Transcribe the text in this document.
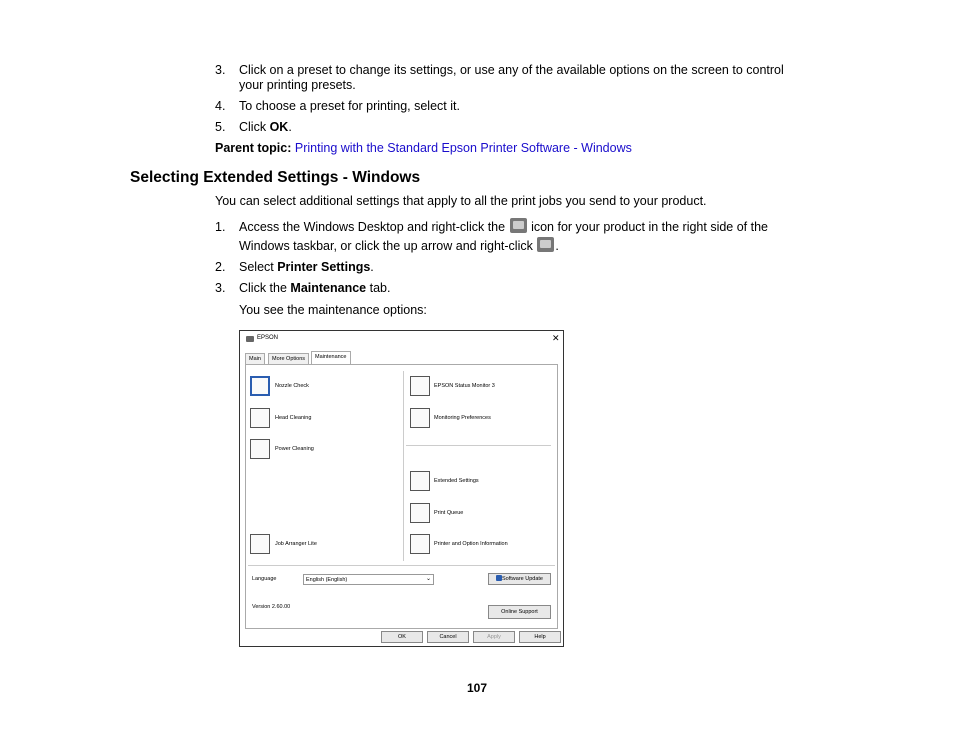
3. Click on a preset to change its settings, or use any of the available options on the screen to control
your printing presets.
4. To choose a preset for printing, select it.
5. Click OK.
Parent topic: Printing with the Standard Epson Printer Software - Windows
Selecting Extended Settings - Windows
You can select additional settings that apply to all the print jobs you send to your product.
1. Access the Windows Desktop and right-click the icon for your product in the right side of the
Windows taskbar, or click the up arrow and right-click .
2. Select Printer Settings.
3. Click the Maintenance tab.
You see the maintenance options:
EPSON	✕
Main	More Options	Maintenance
Nozzle Check
Head Cleaning
Power Cleaning
Job Arranger Lite
EPSON Status Monitor 3
Monitoring Preferences
Extended Settings
Print Queue
Printer and Option Information
Language	English (English)	⌄	Software Update
Version 2.60.00
Online Support
OK	Cancel	Apply	Help
107
